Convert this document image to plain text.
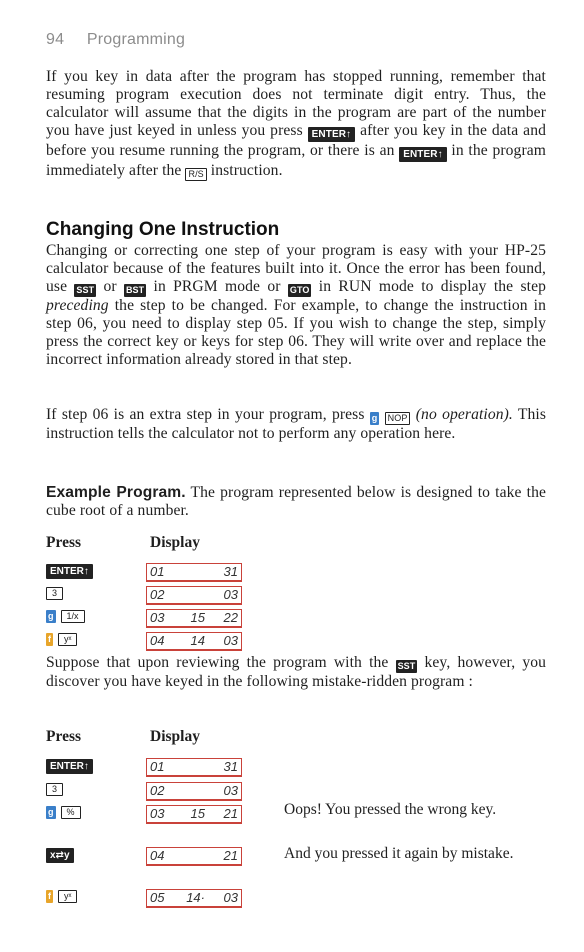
94 Programming
If you key in data after the program has stopped running, remember that resuming program execution does not terminate digit entry. Thus, the calculator will assume that the digits in the program are part of the number you have just keyed in unless you press ENTER↑ after you key in the data and before you resume running the program, or there is an ENTER↑ in the program immediately after the R/S instruction.
Changing One Instruction
Changing or correcting one step of your program is easy with your HP-25 calculator because of the features built into it. Once the error has been found, use SST or BST in PRGM mode or GTO in RUN mode to display the step preceding the step to be changed. For example, to change the instruction in step 06, you need to display step 05. If you wish to change the step, simply press the correct key or keys for step 06. They will write over and replace the incorrect information already stored in that step.
If step 06 is an extra step in your program, press g NOP (no operation). This instruction tells the calculator not to perform any operation here.
Example Program. The program represented below is designed to take the cube root of a number.
Press	Display
ENTER↑	01	31
3	02	03
g	1/x	03 15 22
f	yˣ	04 14 03
Suppose that upon reviewing the program with the SST key, however, you discover you have keyed in the following mistake-ridden program :
Press	Display
ENTER↑	01	31
3	02	03
g	%	03 15 21	Oops! You pressed the wrong key.
x⇄y	04	21	And you pressed it again by mistake.
f	yˣ	05 14· 03
